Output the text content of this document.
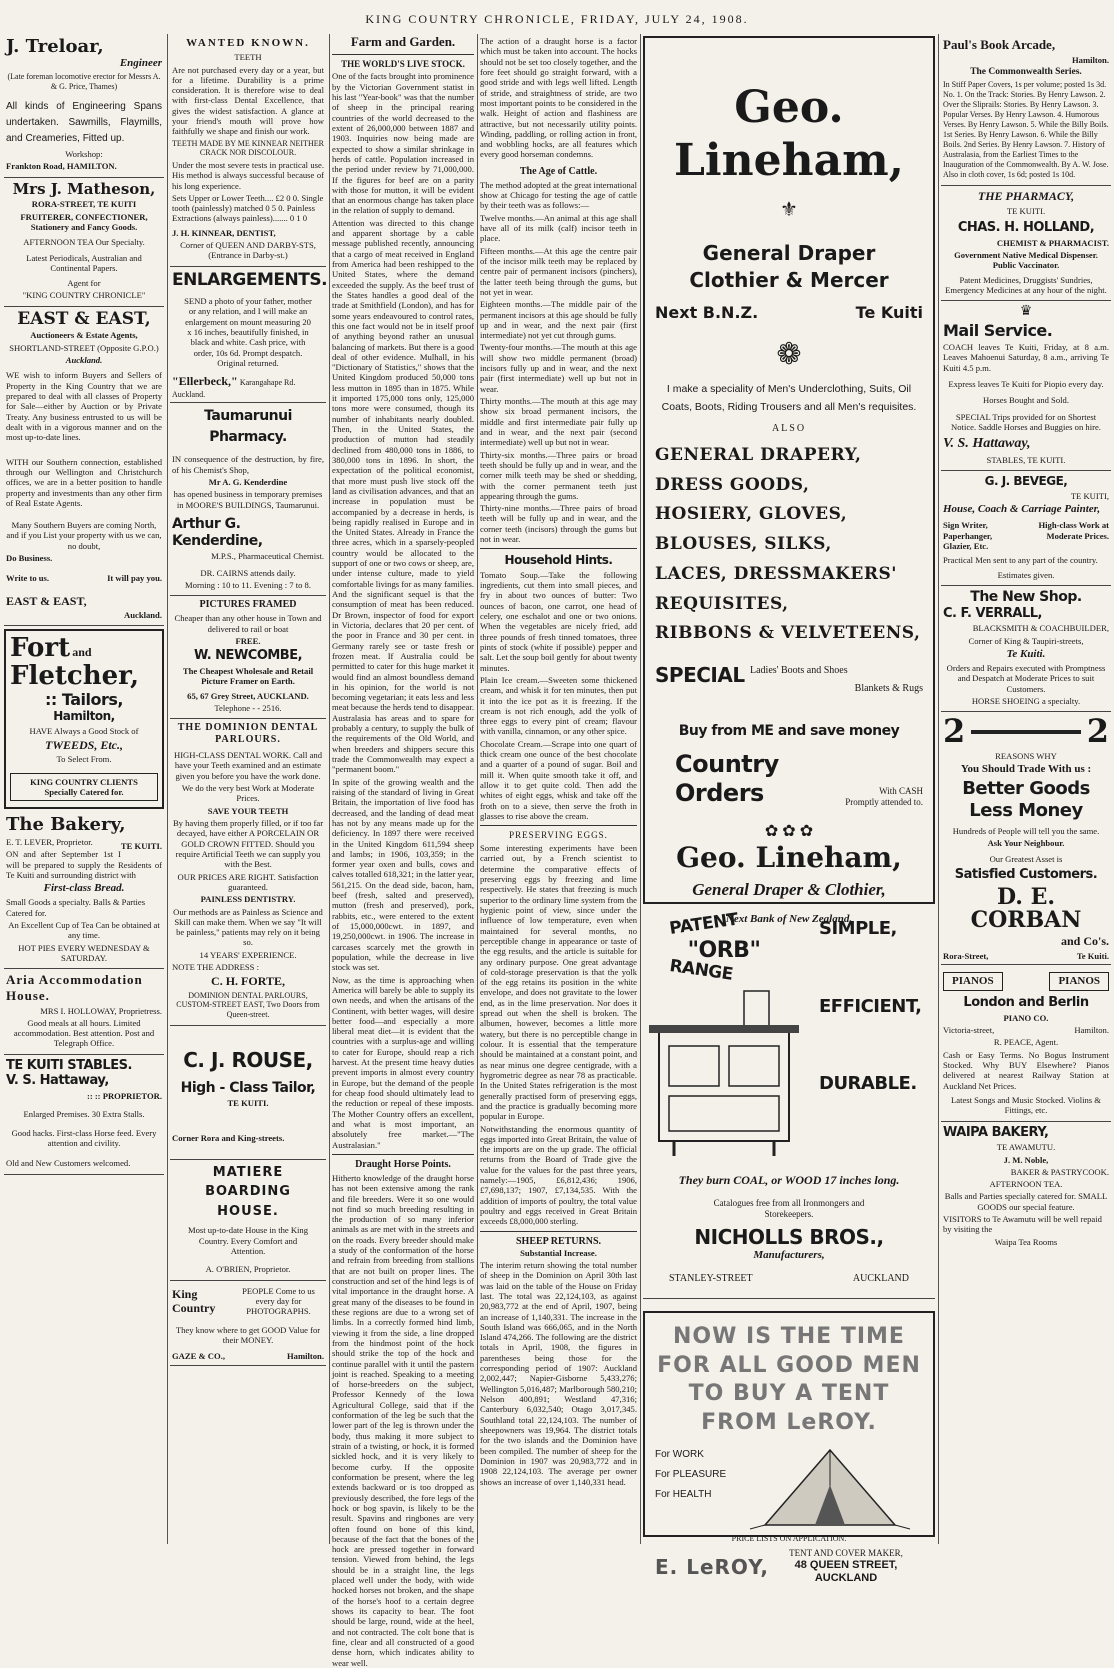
KING COUNTRY CHRONICLE, FRIDAY, JULY 24, 1908.
J. Treloar,
Engineer

(Late foreman locomotive erector for Messrs A. & G. Price, Thames)

All kinds of Engineering Spans undertaken. Sawmills, Flaymills, and Creameries, Fitted up.

Workshop:

Frankton Road, HAMILTON.

Mrs J. Matheson,

RORA-STREET, TE KUITI

FRUITERER, CONFECTIONER, Stationery and Fancy Goods.

AFTERNOON TEA Our Specialty.

Latest Periodicals, Australian and Continental Papers.

Agent for

"KING COUNTRY CHRONICLE"

EAST & EAST,

Auctioneers & Estate Agents,

SHORTLAND-STREET (Opposite G.P.O.)

Auckland.

WE wish to inform Buyers and Sellers of Property in the King Country that we are prepared to deal with all classes of Property for Sale—either by Auction or by Private Treaty. Any business entrusted to us will be dealt with in a vigorous manner and on the most up-to-date lines.

WITH our Southern connection, established through our Wellington and Christchurch offices, we are in a better position to handle property and investments than any other firm of Real Estate Agents.

Many Southern Buyers are coming North, and if you List your property with us we can, no doubt,

Do Business.

Write to us.	It will pay you.
EAST & EAST,

Auckland.

Fort and
Fletcher,
:: Tailors,
Hamilton,

HAVE Always a Good Stock of

TWEEDS, Etc.,

To Select From.

KING COUNTRY CLIENTS Specially Catered for.

The Bakery,
TE KUITI.

E. T. LEVER, Proprietor.

ON and after September 1st I will be prepared to supply the Residents of Te Kuiti and surrounding district with

First-class Bread.

Small Goods a specialty. Balls & Parties Catered for.

An Excellent Cup of Tea Can be obtained at any time.

HOT PIES EVERY WEDNESDAY & SATURDAY.

Aria Accommodation House.

MRS I. HOLLOWAY, Proprietress.

Good meals at all hours. Limited accommodation. Best attention. Post and Telegraph Office.

TE KUITI STABLES.
V. S. Hattaway,

:: :: PROPRIETOR.

Enlarged Premises. 30 Extra Stalls.

Good hacks. First-class Horse feed. Every attention and civility.

Old and New Customers welcomed.

WANTED KNOWN.

TEETH

Are not purchased every day or a year, but for a lifetime. Durability is a prime consideration. It is therefore wise to deal with first-class Dental Excellence, that gives the widest satisfaction. A glance at your friend's mouth will prove how faithfully we shape and finish our work.

TEETH MADE BY ME KINNEAR NEITHER CRACK NOR DISCOLOUR.

Under the most severe tests in practical use. His method is always successful because of his long experience.

Sets Upper or Lower Teeth.... £2 0 0. Single tooth (painlessly) matched 0 5 0. Painless Extractions (always painless)....... 0 1 0

J. H. KINNEAR, DENTIST,

Corner of QUEEN AND DARBY-STS, (Entrance in Darby-st.)

ENLARGEMENTS.

SEND a photo of your father, mother or any relation, and I will make an enlargement on mount measuring 20 x 16 inches, beautifully finished, in black and white. Cash price, with order, 10s 6d. Prompt despatch. Original returned.

"Ellerbeck," Karangahape Rd. Auckland.
Taumarunui Pharmacy.

IN consequence of the destruction, by fire, of his Chemist's Shop,

Mr A. G. Kenderdine

has opened business in temporary premises in MOORE'S BUILDINGS, Taumarunui.

Arthur G. Kenderdine,

M.P.S., Pharmaceutical Chemist.

DR. CAIRNS attends daily.

Morning : 10 to 11. Evening : 7 to 8.

PICTURES FRAMED

Cheaper than any other house in Town and delivered to rail or boat

FREE.

W. NEWCOMBE,

The Cheapest Wholesale and Retail Picture Framer on Earth.

65, 67 Grey Street, AUCKLAND.

Telephone - - 2516.

THE DOMINION DENTAL PARLOURS.

HIGH-CLASS DENTAL WORK. Call and have your Teeth examined and an estimate given you before you have the work done.

We do the very best Work at Moderate Prices.

SAVE YOUR TEETH

By having them properly filled, or if too far decayed, have either A PORCELAIN OR GOLD CROWN FITTED. Should you require Artificial Teeth we can supply you with the Best.

OUR PRICES ARE RIGHT. Satisfaction guaranteed.

PAINLESS DENTISTRY.

Our methods are as Painless as Science and Skill can make them. When we say "It will be painless," patients may rely on it being so.

14 YEARS' EXPERIENCE.

NOTE THE ADDRESS :

C. H. FORTE,

DOMINION DENTAL PARLOURS, CUSTOM-STREET EAST, Two Doors from Queen-street.

C. J. ROUSE,
High - Class Tailor,

TE KUITI.

Corner Rora and King-streets.

MATIERE BOARDING HOUSE.

Most up-to-date House in the King Country. Every Comfort and Attention.

A. O'BRIEN, Proprietor.

King Country

PEOPLE Come to us every day for PHOTOGRAPHS.

They know where to get GOOD Value for their MONEY.

GAZE & CO.,	Hamilton.
Farm and Garden.
THE WORLD'S LIVE STOCK.

One of the facts brought into prominence by the Victorian Government statist in his last "Year-book" was that the number of sheep in the principal rearing countries of the world decreased to the extent of 26,000,000 between 1887 and 1903. Inquiries now being made are expected to show a similar shrinkage in herds of cattle. Population increased in the period under review by 71,000,000. If the figures for beef are on a parity with those for mutton, it will be evident that an enormous change has taken place in the relation of supply to demand.

Attention was directed to this change and apparent shortage by a cable message published recently, announcing that a cargo of meat received in England from America had been reshipped to the United States, where the demand exceeded the supply. As the beef trust of the States handles a good deal of the trade at Smithfield (London), and has for some years endeavoured to control rates, this one fact would not be in itself proof of anything beyond rather an unusual balancing of markets. But there is a good deal of other evidence. Mulhall, in his "Dictionary of Statistics," shows that the United Kingdom produced 50,000 tons less mutton in 1895 than in 1875. While it imported 175,000 tons only, 125,000 tons more were consumed, though its number of inhabitants nearly doubled. Then, in the United States, the production of mutton had steadily declined from 480,000 tons in 1886, to 380,000 tons in 1896. In short, the expectation of the political economist, that more must push live stock off the land as civilisation advances, and that an increase in population must be accompanied by a decrease in herds, is being rapidly realised in Europe and in the United States. Already in France the three acres, which in a sparsely-peopled country would be allocated to the support of one or two cows or sheep, are, under intense culture, made to yield comfortable livings for as many families. And the significant sequel is that the consumption of meat has been reduced. Dr Brown, inspector of food for export in Victoria, declares that 20 per cent. of the poor in France and 30 per cent. in Germany rarely see or taste fresh or frozen meat. If Australia could be permitted to cater for this huge market it would find an almost boundless demand in his opinion, for the world is not becoming vegetarian; it eats less and less meat because the herds tend to disappear. Australasia has areas and to spare for probably a century, to supply the bulk of the requirements of the Old World, and when breeders and shippers secure this trade the Commonwealth may expect a "permanent boom."

In spite of the growing wealth and the raising of the standard of living in Great Britain, the importation of live food has decreased, and the landing of dead meat has not by any means made up for the deficiency. In 1897 there were received in the United Kingdom 611,594 sheep and lambs; in 1906, 103,359; in the former year oxen and bulls, cows and calves totalled 618,321; in the latter year, 561,215. On the dead side, bacon, ham, beef (fresh, salted and preserved), mutton (fresh and preserved), pork, rabbits, etc., were entered to the extent of 15,000,000cwt. in 1897, and 19,250,000cwt. in 1906. The increase in carcases scarcely met the growth in population, while the decrease in live stock was set.

Now, as the time is approaching when America will barely be able to supply its own needs, and when the artisans of the Continent, with better wages, will desire better food—and especially a more liberal meat diet—it is evident that the countries with a surplus-age and willing to cater for Europe, should reap a rich harvest. At the present time heavy duties prevent imports in almost every country in Europe, but the demand of the people for cheap food should ultimately lead to the reduction or repeal of these imposts. The Mother Country offers an excellent, and what is most important, an absolutely free market.—"The Australasian."

Draught Horse Points.

Hitherto knowledge of the draught horse has not been extensive among the rank and file breeders. Were it so one would not find so much breeding resulting in the production of so many inferior animals as are met with in the streets and on the roads. Every breeder should make a study of the conformation of the horse and refrain from breeding from stallions that are not built on proper lines. The construction and set of the hind legs is of vital importance in the draught horse. A great many of the diseases to be found in these regions are due to a wrong set of limbs. In a correctly formed hind limb, viewing it from the side, a line dropped from the hindmost point of the hock should strike the top of the hock and continue parallel with it until the pastern joint is reached. Speaking to a meeting of horse-breeders on the subject, Professor Kennedy of the Iowa Agricultural College, said that if the conformation of the leg be such that the lower part of the leg is thrown under the body, thus making it more subject to strain of a twisting, or hock, it is formed sickled hock, and it is very likely to become curby. If the opposite conformation be present, where the leg extends backward or is too dropped as previously described, the fore legs of the hock or bog spavin, is likely to be the result. Spavins and ringbones are very often found on bone of this kind, because of the fact that the bones of the hock are pressed together in forward tension. Viewed from behind, the legs should be in a straight line, the legs placed well under the body, with wide hocked horses not broken, and the shape of the horse's hoof to a certain degree shows its capacity to bear. The foot should be large, round, wide at the heel, and not contracted. The colt bone that is fine, clear and all constructed of a good dense horn, which indicates ability to wear well.

The action of a draught horse is a factor which must be taken into account. The hocks should not be set too closely together, and the fore feet should go straight forward, with a good stride and with legs well lifted. Length of stride, and straightness of stride, are two most important points to be considered in the walk. Height of action and flashiness are attractive, but not necessarily utility points. Winding, paddling, or rolling action in front, and wobbling hocks, are all features which every good horseman condemns.

The Age of Cattle.

The method adopted at the great international show at Chicago for testing the age of cattle by their teeth was as follows:—

Twelve months.—An animal at this age shall have all of its milk (calf) incisor teeth in place.

Fifteen months.—At this age the centre pair of the incisor milk teeth may be replaced by centre pair of permanent incisors (pinchers), the latter teeth being through the gums, but not yet in wear.

Eighteen months.—The middle pair of the permanent incisors at this age should be fully up and in wear, and the next pair (first intermediate) not yet cut through gums.

Twenty-four months.—The mouth at this age will show two middle permanent (broad) incisors fully up and in wear, and the next pair (first intermediate) well up but not in wear.

Thirty months.—The mouth at this age may show six broad permanent incisors, the middle and first intermediate pair fully up and in wear, and the next pair (second intermediate) well up but not in wear.

Thirty-six months.—Three pairs or broad teeth should be fully up and in wear, and the corner milk teeth may be shed or shedding, with the corner permanent teeth just appearing through the gums.

Thirty-nine months.—Three pairs of broad teeth will be fully up and in wear, and the corner teeth (incisors) through the gums but not in wear.

Household Hints.

Tomato Soup.—Take the following ingredients, cut them into small pieces, and fry in about two ounces of butter: Two ounces of bacon, one carrot, one head of celery, one eschalot and one or two onions. When the vegetables are nicely fried, add three pounds of fresh tinned tomatoes, three pints of stock (white if possible) pepper and salt. Let the soup boil gently for about twenty minutes.

Plain Ice cream.—Sweeten some thickened cream, and whisk it for ten minutes, then put it into the ice pot as it is freezing. If the cream is not rich enough, add the yolk of three eggs to every pint of cream; flavour with vanilla, cinnamon, or any other spice.

Chocolate Cream.—Scrape into one quart of thick cream one ounce of the best chocolate and a quarter of a pound of sugar. Boil and mill it. When quite smooth take it off, and allow it to get quite cold. Then add the whites of eight eggs, whisk and take off the froth on to a sieve, then serve the froth in glasses to rise above the cream.

PRESERVING EGGS.

Some interesting experiments have been carried out, by a French scientist to determine the comparative effects of preserving eggs by freezing and lime respectively. He states that freezing is much superior to the ordinary lime system from the hygienic point of view, since under the influence of low temperature, even when maintained for several months, no perceptible change in appearance or taste of the egg results, and the article is suitable for any ordinary purpose. One great advantage of cold-storage preservation is that the yolk of the egg retains its position in the white envelope, and does not gravitate to the lower end, as in the lime preservation. Nor does it spread out when the shell is broken. The albumen, however, becomes a little more watery, but there is no perceptible change in colour. It is essential that the temperature should be maintained at a constant point, and as near minus one degree centigrade, with a hygrometric degree as near 78 as practicable. In the United States refrigeration is the most generally practised form of preserving eggs, and the practice is gradually becoming more popular in Europe.

Notwithstanding the enormous quantity of eggs imported into Great Britain, the value of the imports are on the up grade. The official returns from the Board of Trade give the value for the values for the past three years, namely:—1905, £6,812,436; 1906, £7,698,137; 1907, £7,134,535. With the addition of imports of poultry, the total value poultry and eggs received in Great Britain exceeds £8,000,000 sterling.

SHEEP RETURNS.
Substantial Increase.

The interim return showing the total number of sheep in the Dominion on April 30th last was laid on the table of the House on Friday last. The total was 22,124,103, as against 20,983,772 at the end of April, 1907, being an increase of 1,140,331. The increase in the South Island was 666,065, and in the North Island 474,266. The following are the district totals in April, 1908, the figures in parentheses being those for the corresponding period of 1907: Auckland 2,002,447; Napier-Gisborne 5,433,276; Wellington 5,016,487; Marlborough 580,210; Nelson 400,891; Westland 47,316; Canterbury 6,032,540; Otago 3,017,345. Southland total 22,124,103. The number of sheepowners was 19,964. The district totals for the two islands and the Dominion have been compiled. The number of sheep for the Dominion in 1907 was 20,983,772 and in 1908 22,124,103. The average per owner shows an increase of over 1,140,331 head.

Geo. Lineham,
⚜
General Draper Clothier & Mercer
Next B.N.Z.	Te Kuiti
❁

I make a speciality of Men's Underclothing, Suits, Oil Coats, Boots, Riding Trousers and all Men's requisites.

ALSO

GENERAL DRAPERY, DRESS GOODS,
HOSIERY, GLOVES, BLOUSES, SILKS,
LACES, DRESSMAKERS' REQUISITES,
RIBBONS & VELVETEENS,
SPECIAL Ladies' Boots and Shoes

Blankets & Rugs

Buy from ME and save money
Country Orders	With CASH
Promptly attended to.
✿ ✿ ✿
Geo. Lineham,
General Draper & Clothier,
Next Bank of New Zealand.
PATENT
"ORB"
RANGE
SIMPLE,
EFFICIENT,
DURABLE.
They burn COAL, or WOOD 17 inches long.
Catalogues free from all Ironmongers and Storekeepers.
NICHOLLS BROS.,
Manufacturers,
STANLEY-STREET	AUCKLAND
NOW IS THE TIME FOR ALL GOOD MEN TO BUY A TENT FROM LeROY.
For WORK
For PLEASURE
For HEALTH
PRICE LISTS ON APPLICATION.
E. LeROY,
TENT AND COVER MAKER,
48 QUEEN STREET, AUCKLAND
Paul's Book Arcade,

Hamilton.

The Commonwealth Series.

In Stiff Paper Covers, 1s per volume; posted 1s 3d. No. 1. On the Track: Stories. By Henry Lawson. 2. Over the Sliprails: Stories. By Henry Lawson. 3. Popular Verses. By Henry Lawson. 4. Humorous Verses. By Henry Lawson. 5. While the Billy Boils. 1st Series. By Henry Lawson. 6. While the Billy Boils. 2nd Series. By Henry Lawson. 7. History of Australasia, from the Earliest Times to the Inauguration of the Commonwealth. By A. W. Jose. Also in cloth cover, 1s 6d; posted 1s 10d.

THE PHARMACY,

TE KUITI.

CHAS. H. HOLLAND,

CHEMIST & PHARMACIST.

Government Native Medical Dispenser. Public Vaccinator.

Patent Medicines, Druggists' Sundries, Emergency Medicines at any hour of the night.

♛
Mail Service.

COACH leaves Te Kuiti, Friday, at 8 a.m. Leaves Mahoenui Saturday, 8 a.m., arriving Te Kuiti 4.5 p.m.

Express leaves Te Kuiti for Piopio every day.

Horses Bought and Sold.

SPECIAL Trips provided for on Shortest Notice. Saddle Horses and Buggies on hire.

V. S. Hattaway,

STABLES, TE KUITI.

G. J. BEVEGE,

TE KUITI,

House, Coach & Carriage Painter,

Sign Writer, Paperhanger, Glazier, Etc.

High-class Work at Moderate Prices.

Practical Men sent to any part of the country.

Estimates given.

The New Shop.
C. F. VERRALL,

BLACKSMITH & COACHBUILDER,

Corner of King & Taupiri-streets,

Te Kuiti.

Orders and Repairs executed with Promptness and Despatch at Moderate Prices to suit Customers.

HORSE SHOEING a specialty.

2	2

REASONS WHY

You Should Trade With us :

Better Goods
Less Money

Hundreds of People will tell you the same.

Ask Your Neighbour.

Our Greatest Asset is

Satisfied Customers.
D. E. CORBAN

and Co's.

Rora-Street,	Te Kuiti.
PIANOS	PIANOS
London and Berlin

PIANO CO.

Victoria-street,	Hamilton.

R. PEACE, Agent.

Cash or Easy Terms. No Bogus Instrument Stocked. Why BUY Elsewhere? Pianos delivered at nearest Railway Station at Auckland Net Prices.

Latest Songs and Music Stocked. Violins & Fittings, etc.

WAIPA BAKERY,

TE AWAMUTU.

J. M. Noble,

BAKER & PASTRYCOOK.

AFTERNOON TEA.

Balls and Parties specially catered for. SMALL GOODS our special feature.

VISITORS to Te Awamutu will be well repaid by visiting the

Waipa Tea Rooms
